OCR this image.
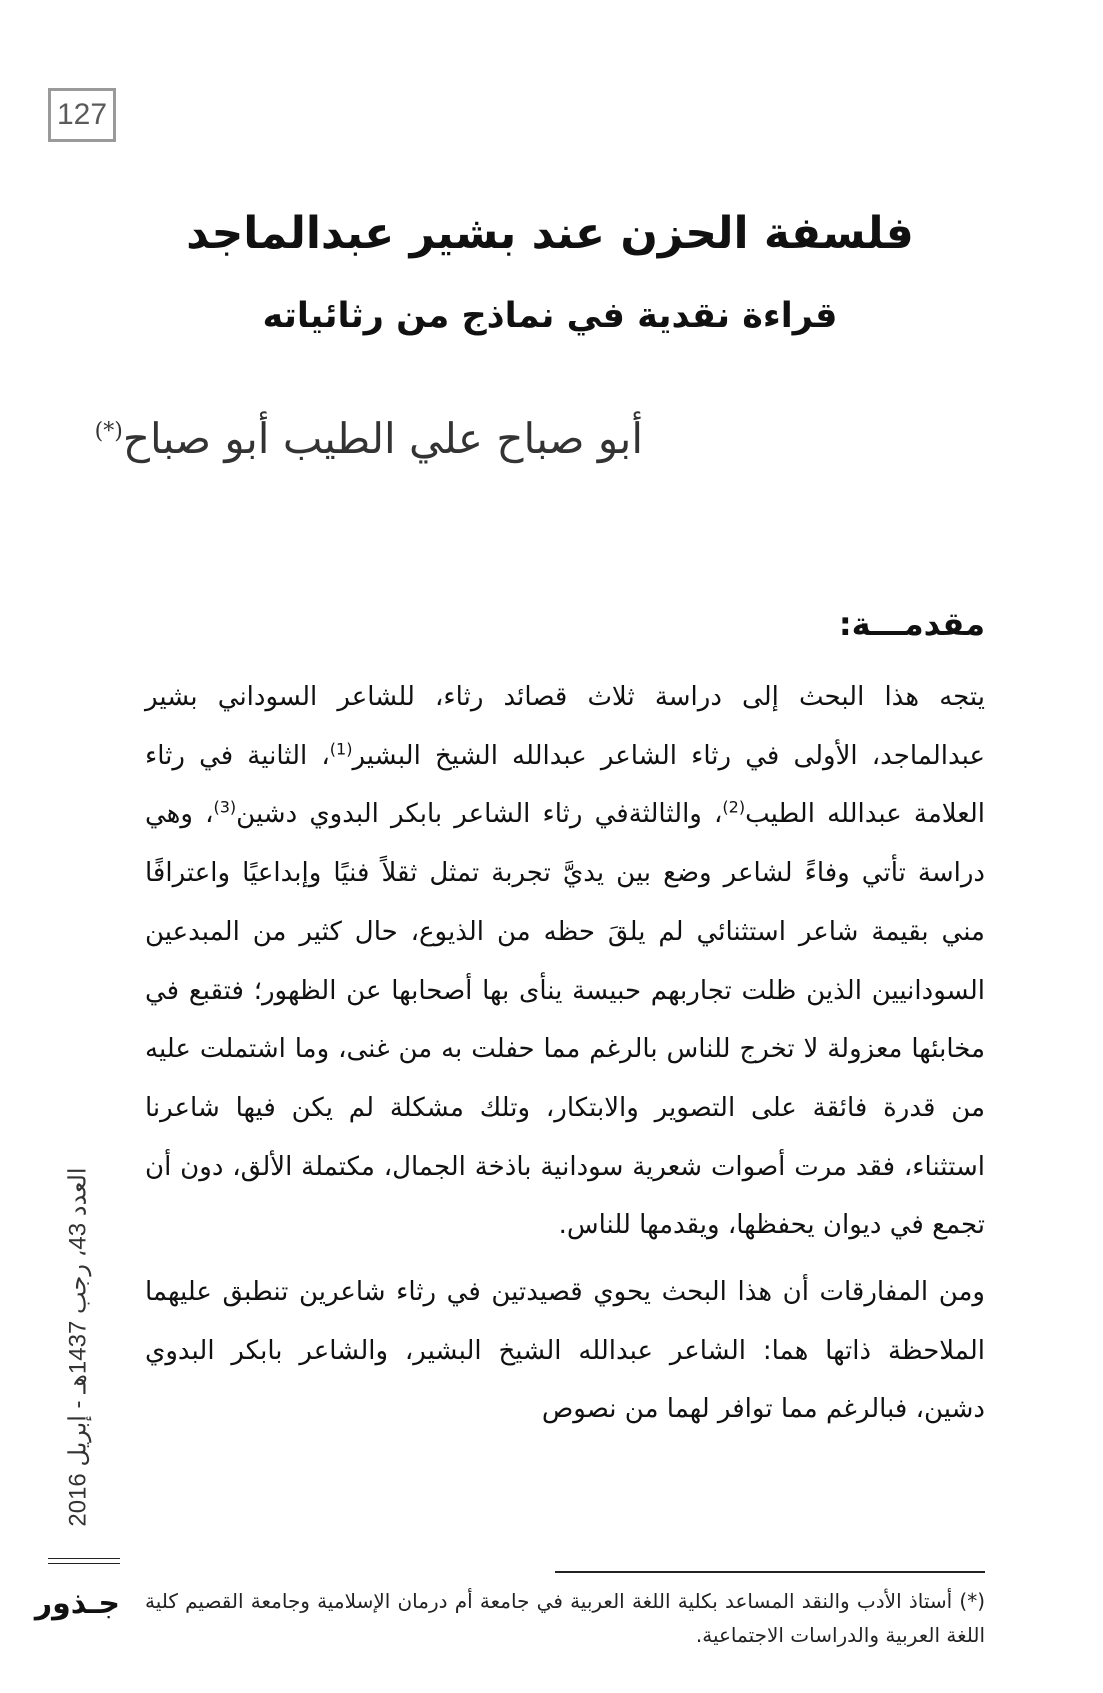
127
فلسفة الحزن عند بشير عبدالماجد
قراءة نقدية في نماذج من رثائياته
أبو صباح علي الطيب أبو صباح(*)
مقدمـــة:

يتجه هذا البحث إلى دراسة ثلاث قصائد رثاء، للشاعر السوداني بشير عبدالماجد، الأولى في رثاء الشاعر عبدالله الشيخ البشير$^{(1)}$، الثانية في رثاء العلامة عبدالله الطيب$^{(2)}$، والثالثةفي رثاء الشاعر بابكر البدوي دشين$^{(3)}$، وهي دراسة تأتي وفاءً لشاعر وضع بين يديَّ تجربة تمثل ثقلاً فنيًا وإبداعيًا واعترافًا مني بقيمة شاعر استثنائي لم يلقَ حظه من الذيوع، حال كثير من المبدعين السودانيين الذين ظلت تجاربهم حبيسة ينأى بها أصحابها عن الظهور؛ فتقبع في مخابئها معزولة لا تخرج للناس بالرغم مما حفلت به من غنى، وما اشتملت عليه من قدرة فائقة على التصوير والابتكار، وتلك مشكلة لم يكن فيها شاعرنا استثناء، فقد مرت أصوات شعرية سودانية باذخة الجمال، مكتملة الألق، دون أن تجمع في ديوان يحفظها، ويقدمها للناس.

ومن المفارقات أن هذا البحث يحوي قصيدتين في رثاء شاعرين تنطبق عليهما الملاحظة ذاتها هما: الشاعر عبدالله الشيخ البشير، والشاعر بابكر البدوي دشين، فبالرغم مما توافر لهما من نصوص

(*) أستاذ الأدب والنقد المساعد بكلية اللغة العربية في جامعة أم درمان الإسلامية وجامعة القصيم كلية اللغة العربية والدراسات الاجتماعية.
العدد 43، رجب 1437هـ - إبريل 2016
جـذور
